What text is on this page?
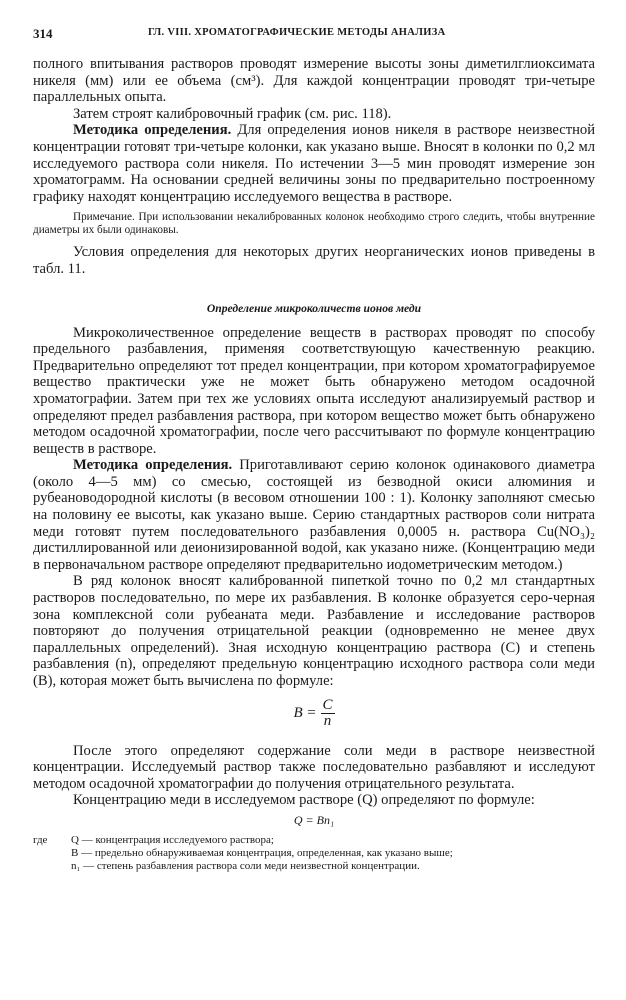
314	ГЛ. VIII. ХРОМАТОГРАФИЧЕСКИЕ МЕТОДЫ АНАЛИЗА

полного впитывания растворов проводят измерение высоты зоны диметилглиоксимата никеля (мм) или ее объема (см³). Для каждой концентрации проводят три-четыре параллельных опыта.

Затем строят калибровочный график (см. рис. 118).

Методика определения. Для определения ионов никеля в растворе неизвестной концентрации готовят три-четыре колонки, как указано выше. Вносят в колонки по 0,2 мл исследуемого раствора соли никеля. По истечении 3—5 мин проводят измерение зон хроматограмм. На основании средней величины зоны по предварительно построенному графику находят концентрацию исследуемого вещества в растворе.

Примечание. При использовании некалиброванных колонок необходимо строго следить, чтобы внутренние диаметры их были одинаковы.

Условия определения для некоторых других неорганических ионов приведены в табл. 11.

Определение микроколичеств ионов меди

Микроколичественное определение веществ в растворах проводят по способу предельного разбавления, применяя соответствующую качественную реакцию. Предварительно определяют тот предел концентрации, при котором хроматографируемое вещество практически уже не может быть обнаружено методом осадочной хроматографии. Затем при тех же условиях опыта исследуют анализируемый раствор и определяют предел разбавления раствора, при котором вещество может быть обнаружено методом осадочной хроматографии, после чего рассчитывают по формуле концентрацию веществ в растворе.

Методика определения. Приготавливают серию колонок одинакового диаметра (около 4—5 мм) со смесью, состоящей из безводной окиси алюминия и рубеановодородной кислоты (в весовом отношении 100 : 1). Колонку заполняют смесью на половину ее высоты, как указано выше. Серию стандартных растворов соли нитрата меди готовят путем последовательного разбавления 0,0005 н. раствора Cu(NO₃)₂ дистиллированной или деионизированной водой, как указано ниже. (Концентрацию меди в первоначальном растворе определяют предварительно иодометрическим методом.)

В ряд колонок вносят калиброванной пипеткой точно по 0,2 мл стандартных растворов последовательно, по мере их разбавления. В колонке образуется серо-черная зона комплексной соли рубеаната меди. Разбавление и исследование растворов повторяют до получения отрицательной реакции (одновременно не менее двух параллельных определений). Зная исходную концентрацию раствора (C) и степень разбавления (n), определяют предельную концентрацию исходного раствора соли меди (B), которая может быть вычислена по формуле:

$B = \frac{C}{n}$

После этого определяют содержание соли меди в растворе неизвестной концентрации. Исследуемый раствор также последовательно разбавляют и исследуют методом осадочной хроматографии до получения отрицательного результата.

Концентрацию меди в исследуемом растворе (Q) определяют по формуле:

Q = Bn₁
где	Q — концентрация исследуемого раствора;
B — предельно обнаруживаемая концентрация, определенная, как указано выше;
n₁ — степень разбавления раствора соли меди неизвестной концентрации.
